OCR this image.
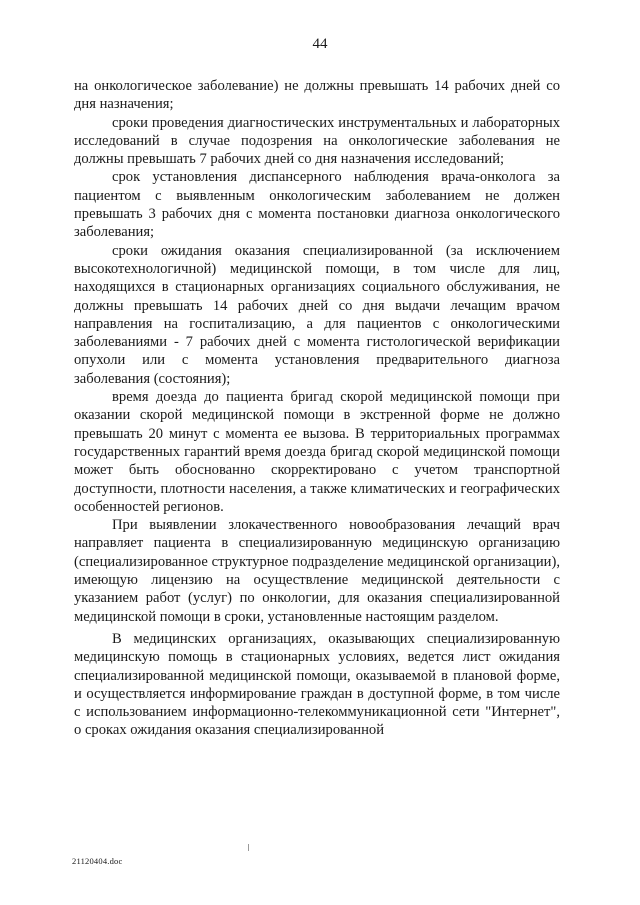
44

на онкологическое заболевание) не должны превышать 14 рабочих дней со дня назначения;

сроки проведения диагностических инструментальных и лабораторных исследований в случае подозрения на онкологические заболевания не должны превышать 7 рабочих дней со дня назначения исследований;

срок установления диспансерного наблюдения врача-онколога за пациентом с выявленным онкологическим заболеванием не должен превышать 3 рабочих дня с момента постановки диагноза онкологического заболевания;

сроки ожидания оказания специализированной (за исключением высокотехнологичной) медицинской помощи, в том числе для лиц, находящихся в стационарных организациях социального обслуживания, не должны превышать 14 рабочих дней со дня выдачи лечащим врачом направления на госпитализацию, а для пациентов с онкологическими заболеваниями - 7 рабочих дней с момента гистологической верификации опухоли или с момента установления предварительного диагноза заболевания (состояния);

время доезда до пациента бригад скорой медицинской помощи при оказании скорой медицинской помощи в экстренной форме не должно превышать 20 минут с момента ее вызова. В территориальных программах государственных гарантий время доезда бригад скорой медицинской помощи может быть обоснованно скорректировано с учетом транспортной доступности, плотности населения, а также климатических и географических особенностей регионов.

При выявлении злокачественного новообразования лечащий врач направляет пациента в специализированную медицинскую организацию (специализированное структурное подразделение медицинской организации), имеющую лицензию на осуществление медицинской деятельности с указанием работ (услуг) по онкологии, для оказания специализированной медицинской помощи в сроки, установленные настоящим разделом.

В медицинских организациях, оказывающих специализированную медицинскую помощь в стационарных условиях, ведется лист ожидания специализированной медицинской помощи, оказываемой в плановой форме, и осуществляется информирование граждан в доступной форме, в том числе с использованием информационно-телекоммуникационной сети "Интернет", о сроках ожидания оказания специализированной

21120404.doc
